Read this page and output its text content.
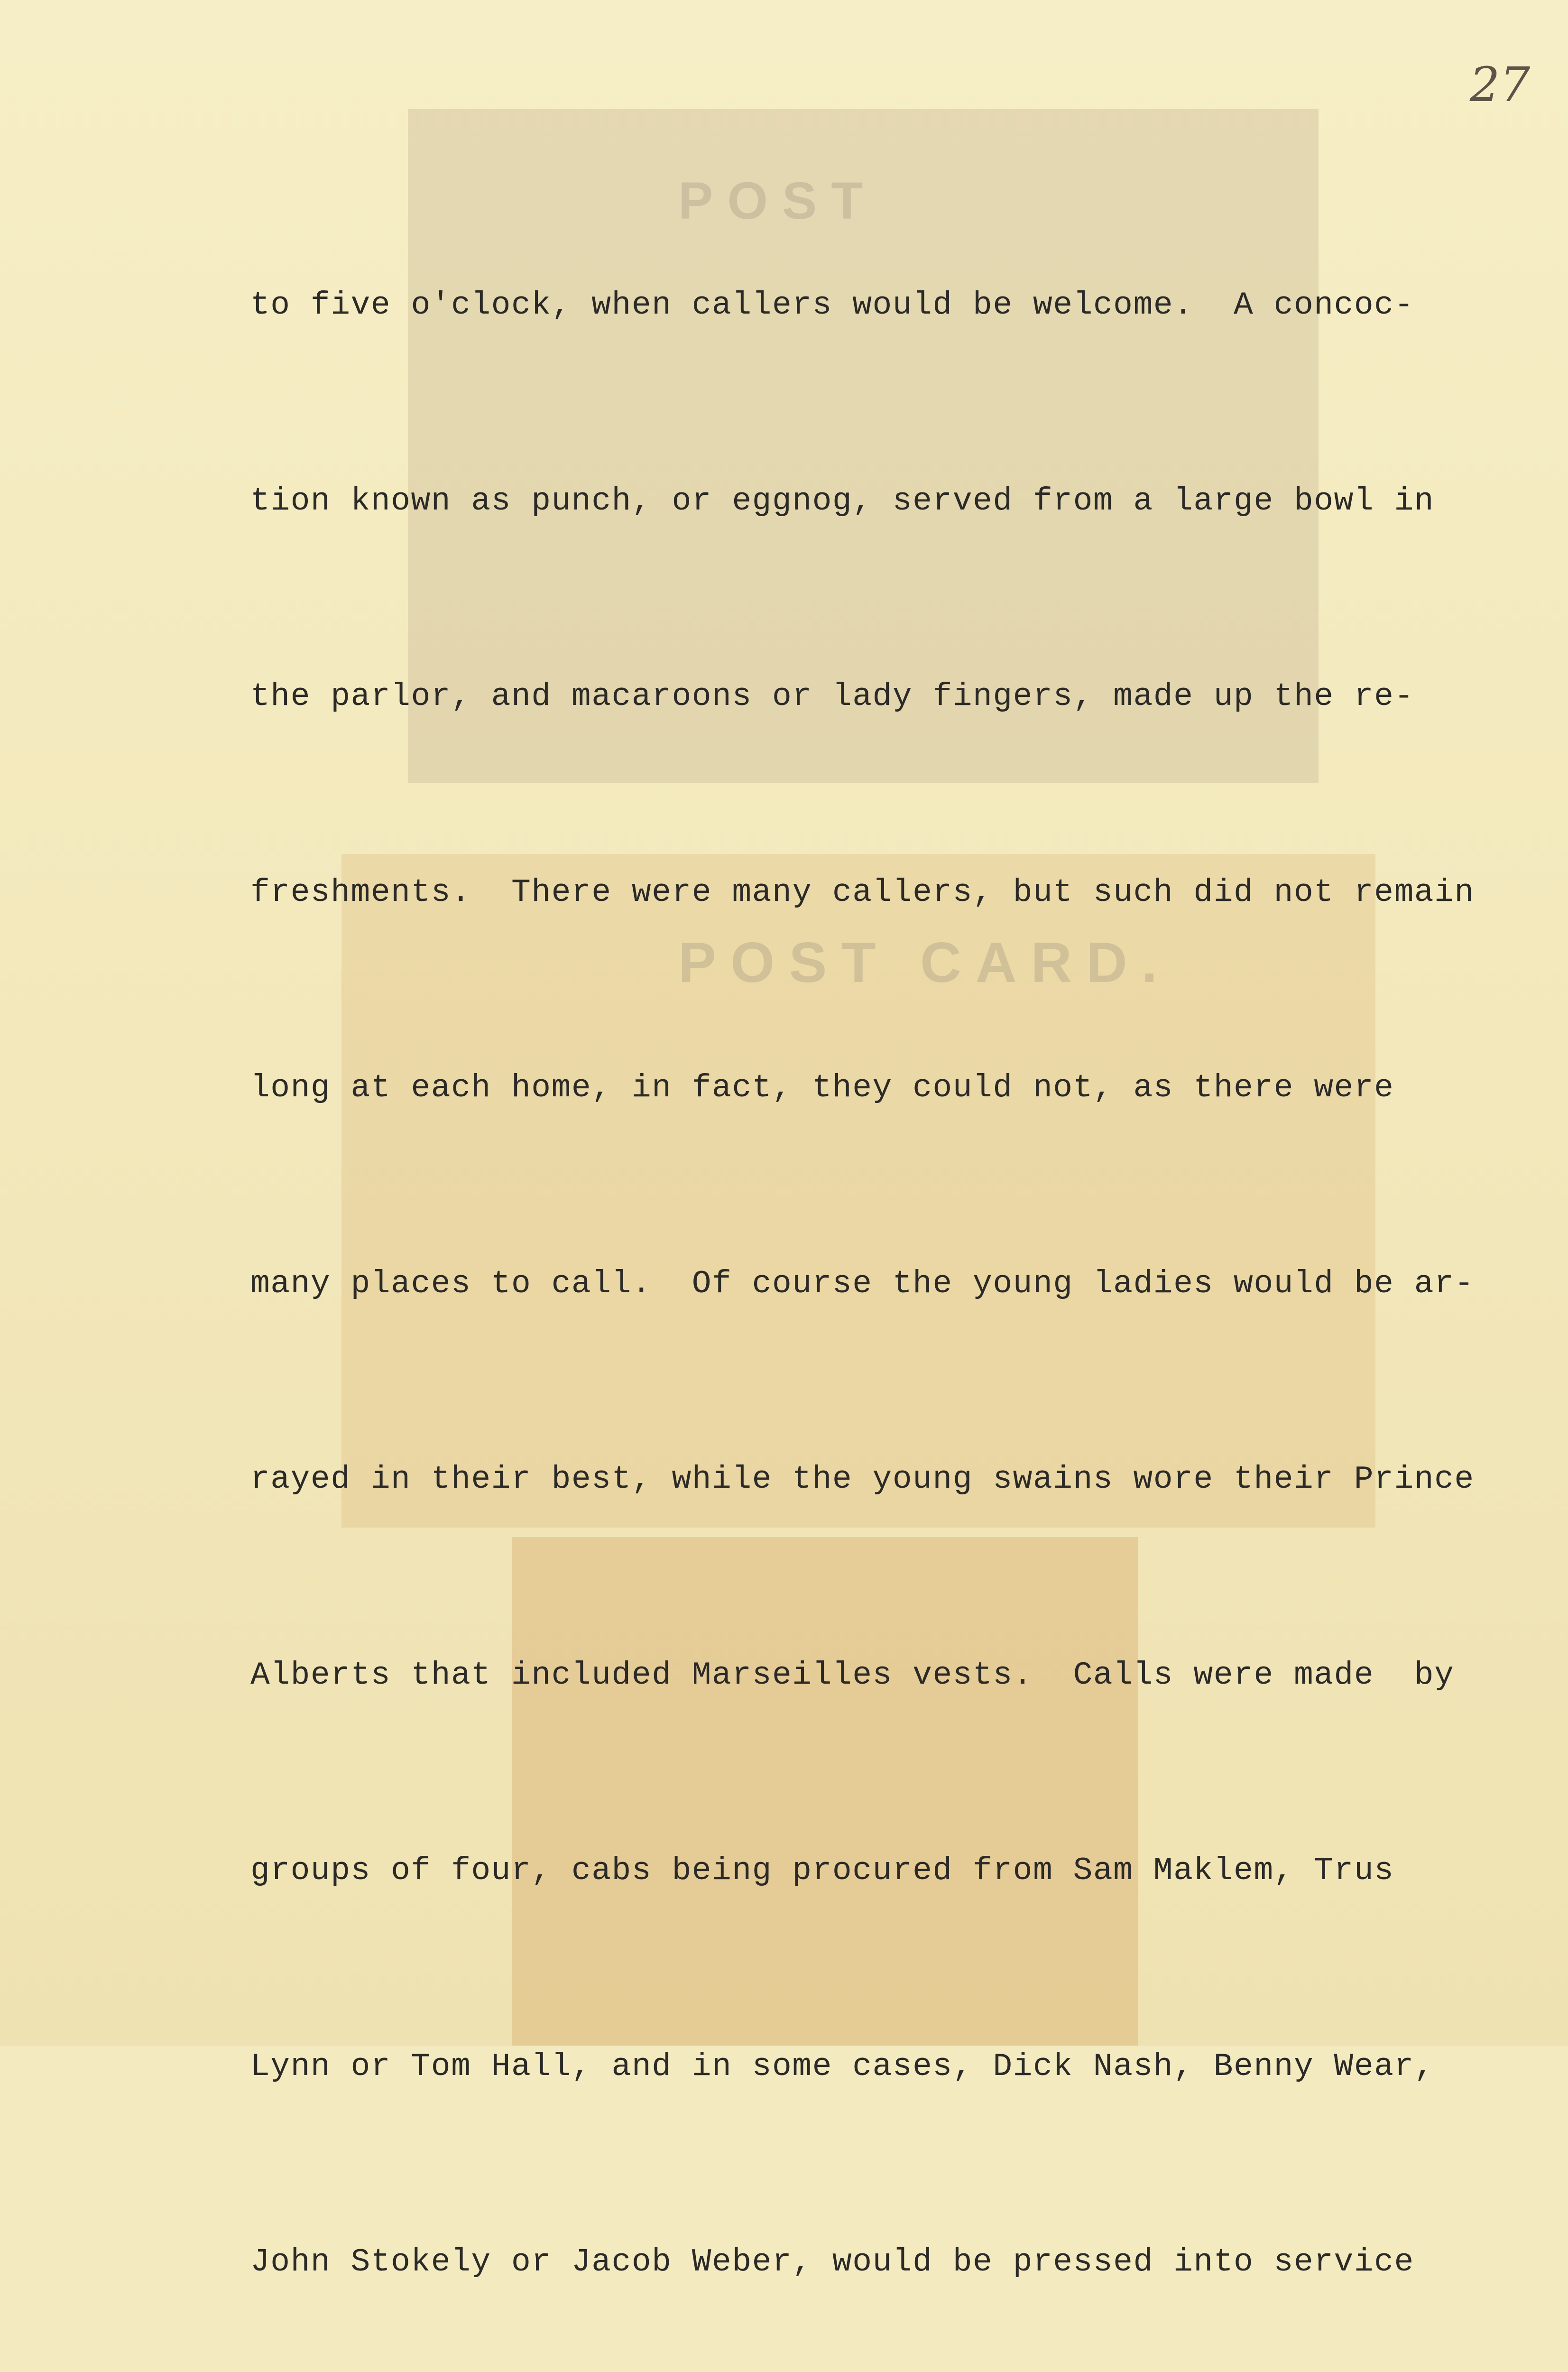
POST
POST CARD.
27

to five o'clock, when callers would be welcome.  A concoc-

tion known as punch, or eggnog, served from a large bowl in

the parlor, and macaroons or lady fingers, made up the re-

freshments.  There were many callers, but such did not remain

long at each home, in fact, they could not, as there were

many places to call.  Of course the young ladies would be ar-

rayed in their best, while the young swains wore their Prince

Alberts that included Marseilles vests.  Calls were made  by

groups of four, cabs being procured from Sam Maklem, Trus

Lynn or Tom Hall, and in some cases, Dick Nash, Benny Wear,

John Stokely or Jacob Weber, would be pressed into service
